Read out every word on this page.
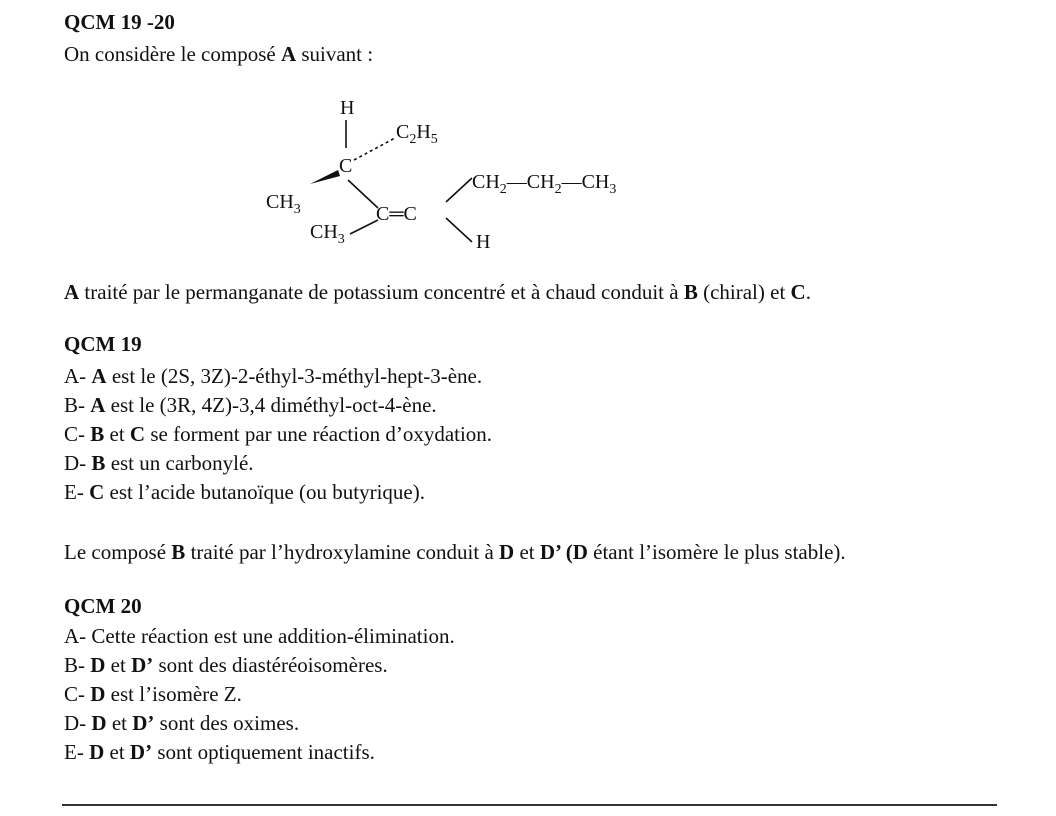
QCM 19 -20
On considère le composé A suivant :
H
C
$C_2H_5$
$CH_3$	C═C
$CH_3$
$CH_2—CH_2—CH_3$
H
A traité par le permanganate de potassium concentré et à chaud conduit à B (chiral) et C.
QCM 19
A- A est le (2S, 3Z)-2-éthyl-3-méthyl-hept-3-ène.
B- A est le (3R, 4Z)-3,4 diméthyl-oct-4-ène.
C- B et C se forment par une réaction d’oxydation.
D- B est un carbonylé.
E- C est l’acide butanoïque (ou butyrique).
Le composé B traité par l’hydroxylamine conduit à D et D’ (D étant l’isomère le plus stable).
QCM 20
A- Cette réaction est une addition-élimination.
B- D et D’ sont des diastéréoisomères.
C- D est l’isomère Z.
D- D et D’ sont des oximes.
E- D et D’ sont optiquement inactifs.
